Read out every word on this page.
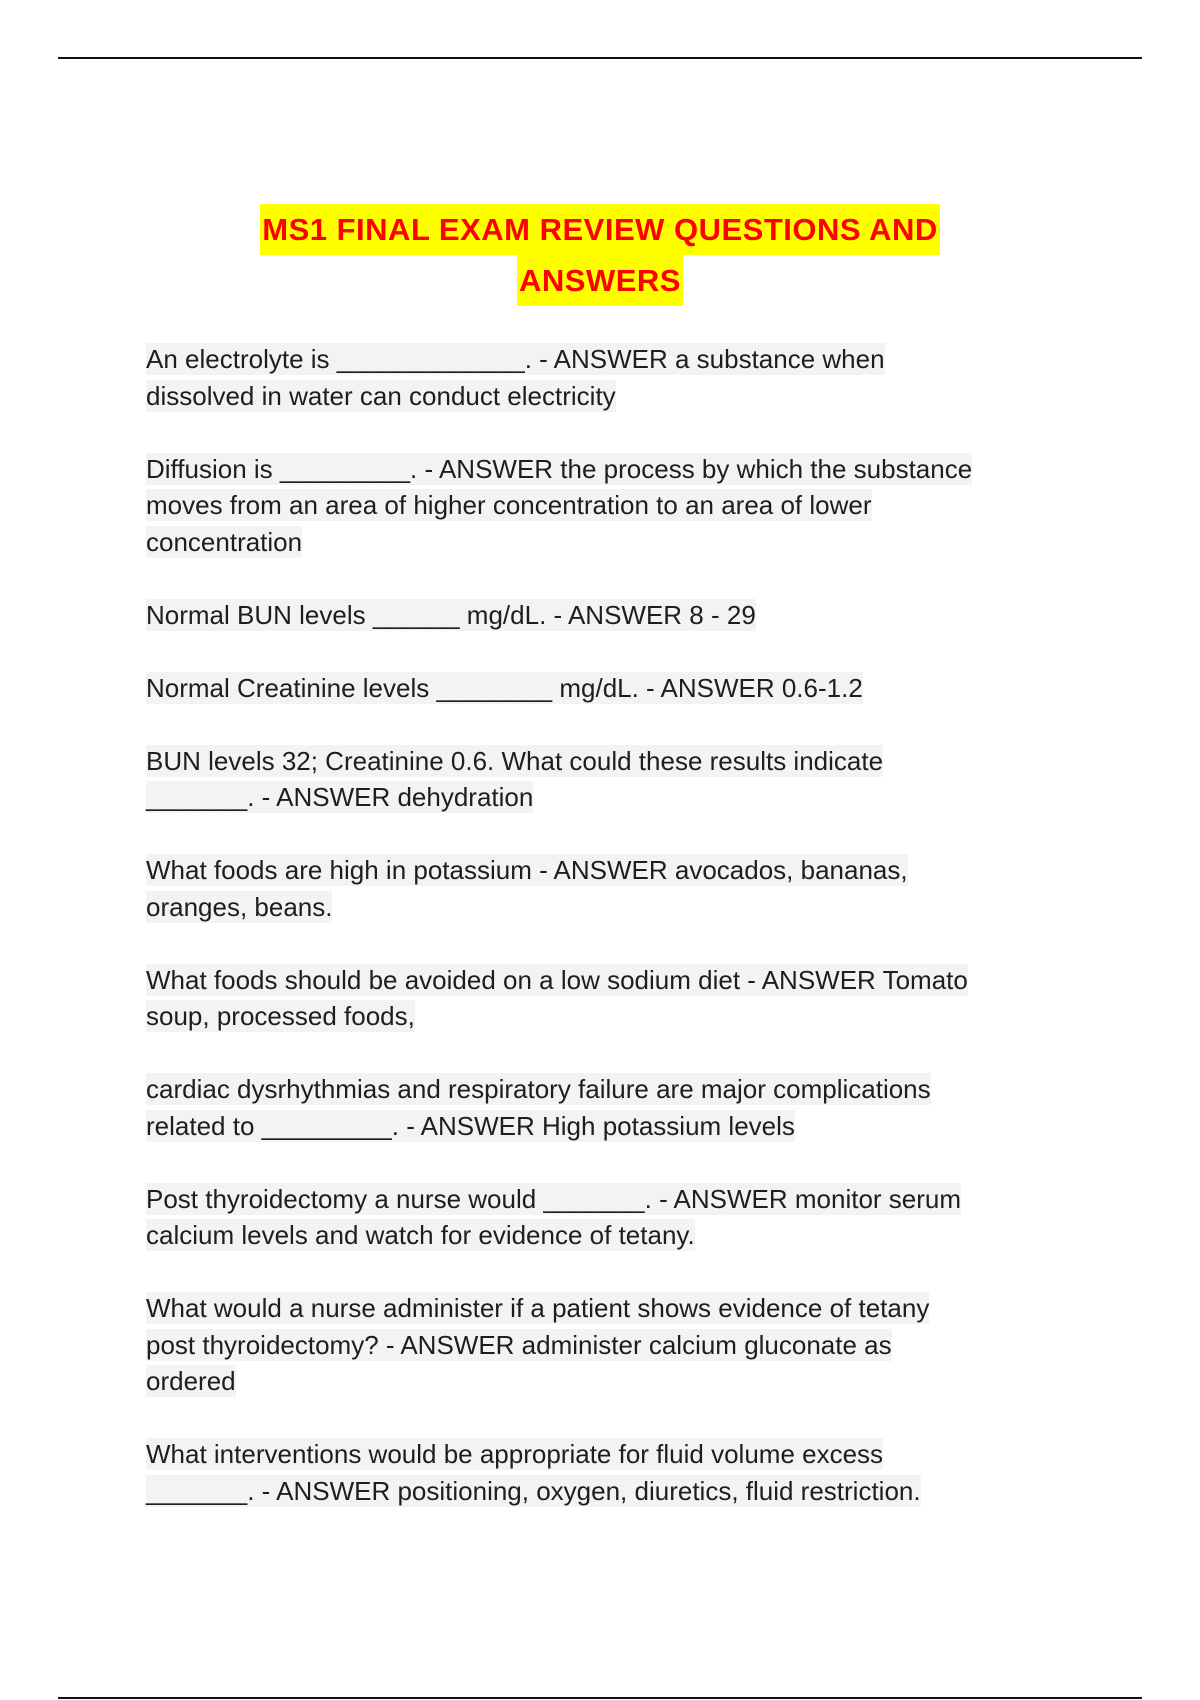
MS1 FINAL EXAM REVIEW QUESTIONS AND
ANSWERS
An electrolyte is _____________. - ANSWER a substance when
dissolved in water can conduct electricity
Diffusion is _________. - ANSWER the process by which the substance
moves from an area of higher concentration to an area of lower
concentration
Normal BUN levels ______ mg/dL. - ANSWER 8 - 29
Normal Creatinine levels ________ mg/dL. - ANSWER 0.6-1.2
BUN levels 32; Creatinine 0.6. What could these results indicate
_______. - ANSWER dehydration
What foods are high in potassium - ANSWER avocados, bananas,
oranges, beans.
What foods should be avoided on a low sodium diet - ANSWER Tomato
soup, processed foods,
cardiac dysrhythmias and respiratory failure are major complications
related to _________. - ANSWER High potassium levels
Post thyroidectomy a nurse would _______. - ANSWER monitor serum
calcium levels and watch for evidence of tetany.
What would a nurse administer if a patient shows evidence of tetany
post thyroidectomy? - ANSWER administer calcium gluconate as
ordered
What interventions would be appropriate for fluid volume excess
_______. - ANSWER positioning, oxygen, diuretics, fluid restriction.
